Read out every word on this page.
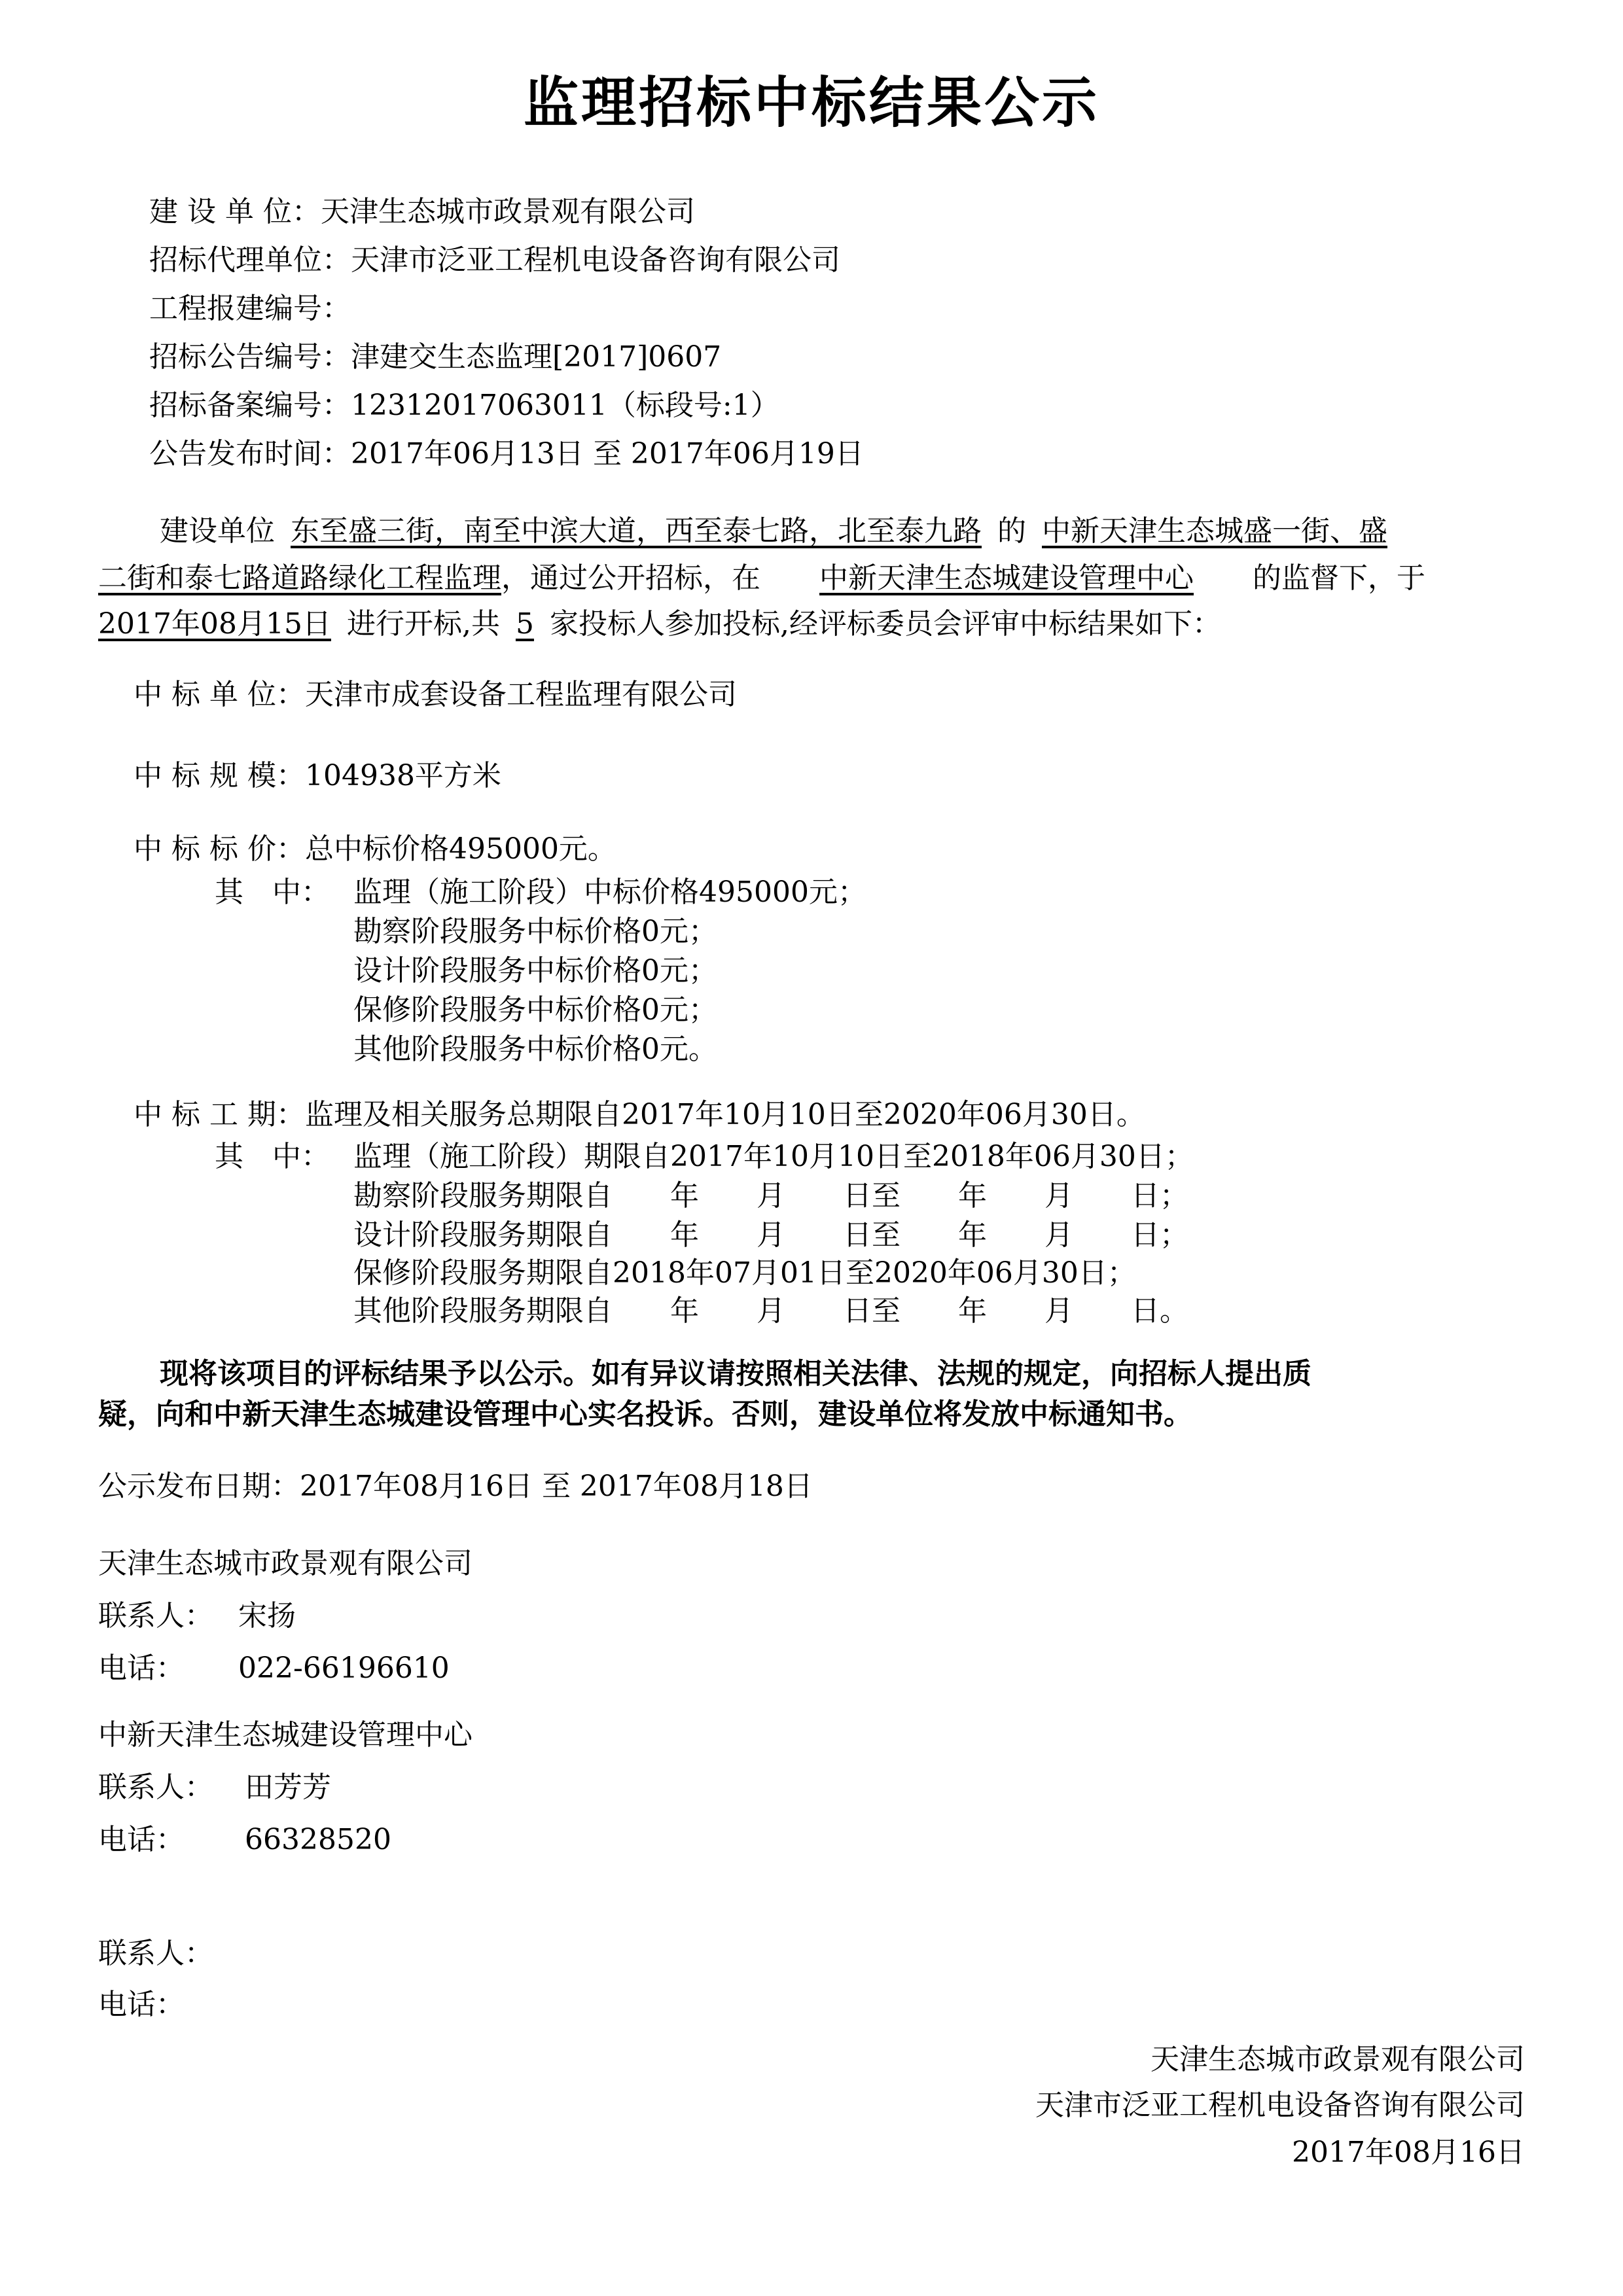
监理招标中标结果公示
建 设 单 位：天津生态城市政景观有限公司
招标代理单位：天津市泛亚工程机电设备咨询有限公司
工程报建编号：
招标公告编号：津建交生态监理[2017]0607
招标备案编号：12312017063011（标段号:1）
公告发布时间：2017年06月13日 至 2017年06月19日
建设单位 东至盛三街，南至中滨大道，西至泰七路，北至泰九路 的 中新天津生态城盛一街、盛
二街和泰七路道路绿化工程监理，通过公开招标，在 中新天津生态城建设管理中心 的监督下，于
2017年08月15日 进行开标,共 5 家投标人参加投标,经评标委员会评审中标结果如下：
中 标 单 位：天津市成套设备工程监理有限公司
中 标 规 模：104938平方米
中 标 标 价：总中标价格495000元。
其　中： 监理（施工阶段）中标价格495000元；
勘察阶段服务中标价格0元；
设计阶段服务中标价格0元；
保修阶段服务中标价格0元；
其他阶段服务中标价格0元。
中 标 工 期：监理及相关服务总期限自2017年10月10日至2020年06月30日。
其　中： 监理（施工阶段）期限自2017年10月10日至2018年06月30日；
勘察阶段服务期限自　　年　　月　　日至　　年　　月　　日；
设计阶段服务期限自　　年　　月　　日至　　年　　月　　日；
保修阶段服务期限自2018年07月01日至2020年06月30日；
其他阶段服务期限自　　年　　月　　日至　　年　　月　　日。
现将该项目的评标结果予以公示。如有异议请按照相关法律、法规的规定，向招标人提出质
疑，向和中新天津生态城建设管理中心实名投诉。否则，建设单位将发放中标通知书。
公示发布日期：2017年08月16日 至 2017年08月18日
天津生态城市政景观有限公司
联系人： 宋扬
电话： 022-66196610
中新天津生态城建设管理中心
联系人： 田芳芳
电话： 66328520
联系人：
电话：
天津生态城市政景观有限公司
天津市泛亚工程机电设备咨询有限公司
2017年08月16日
